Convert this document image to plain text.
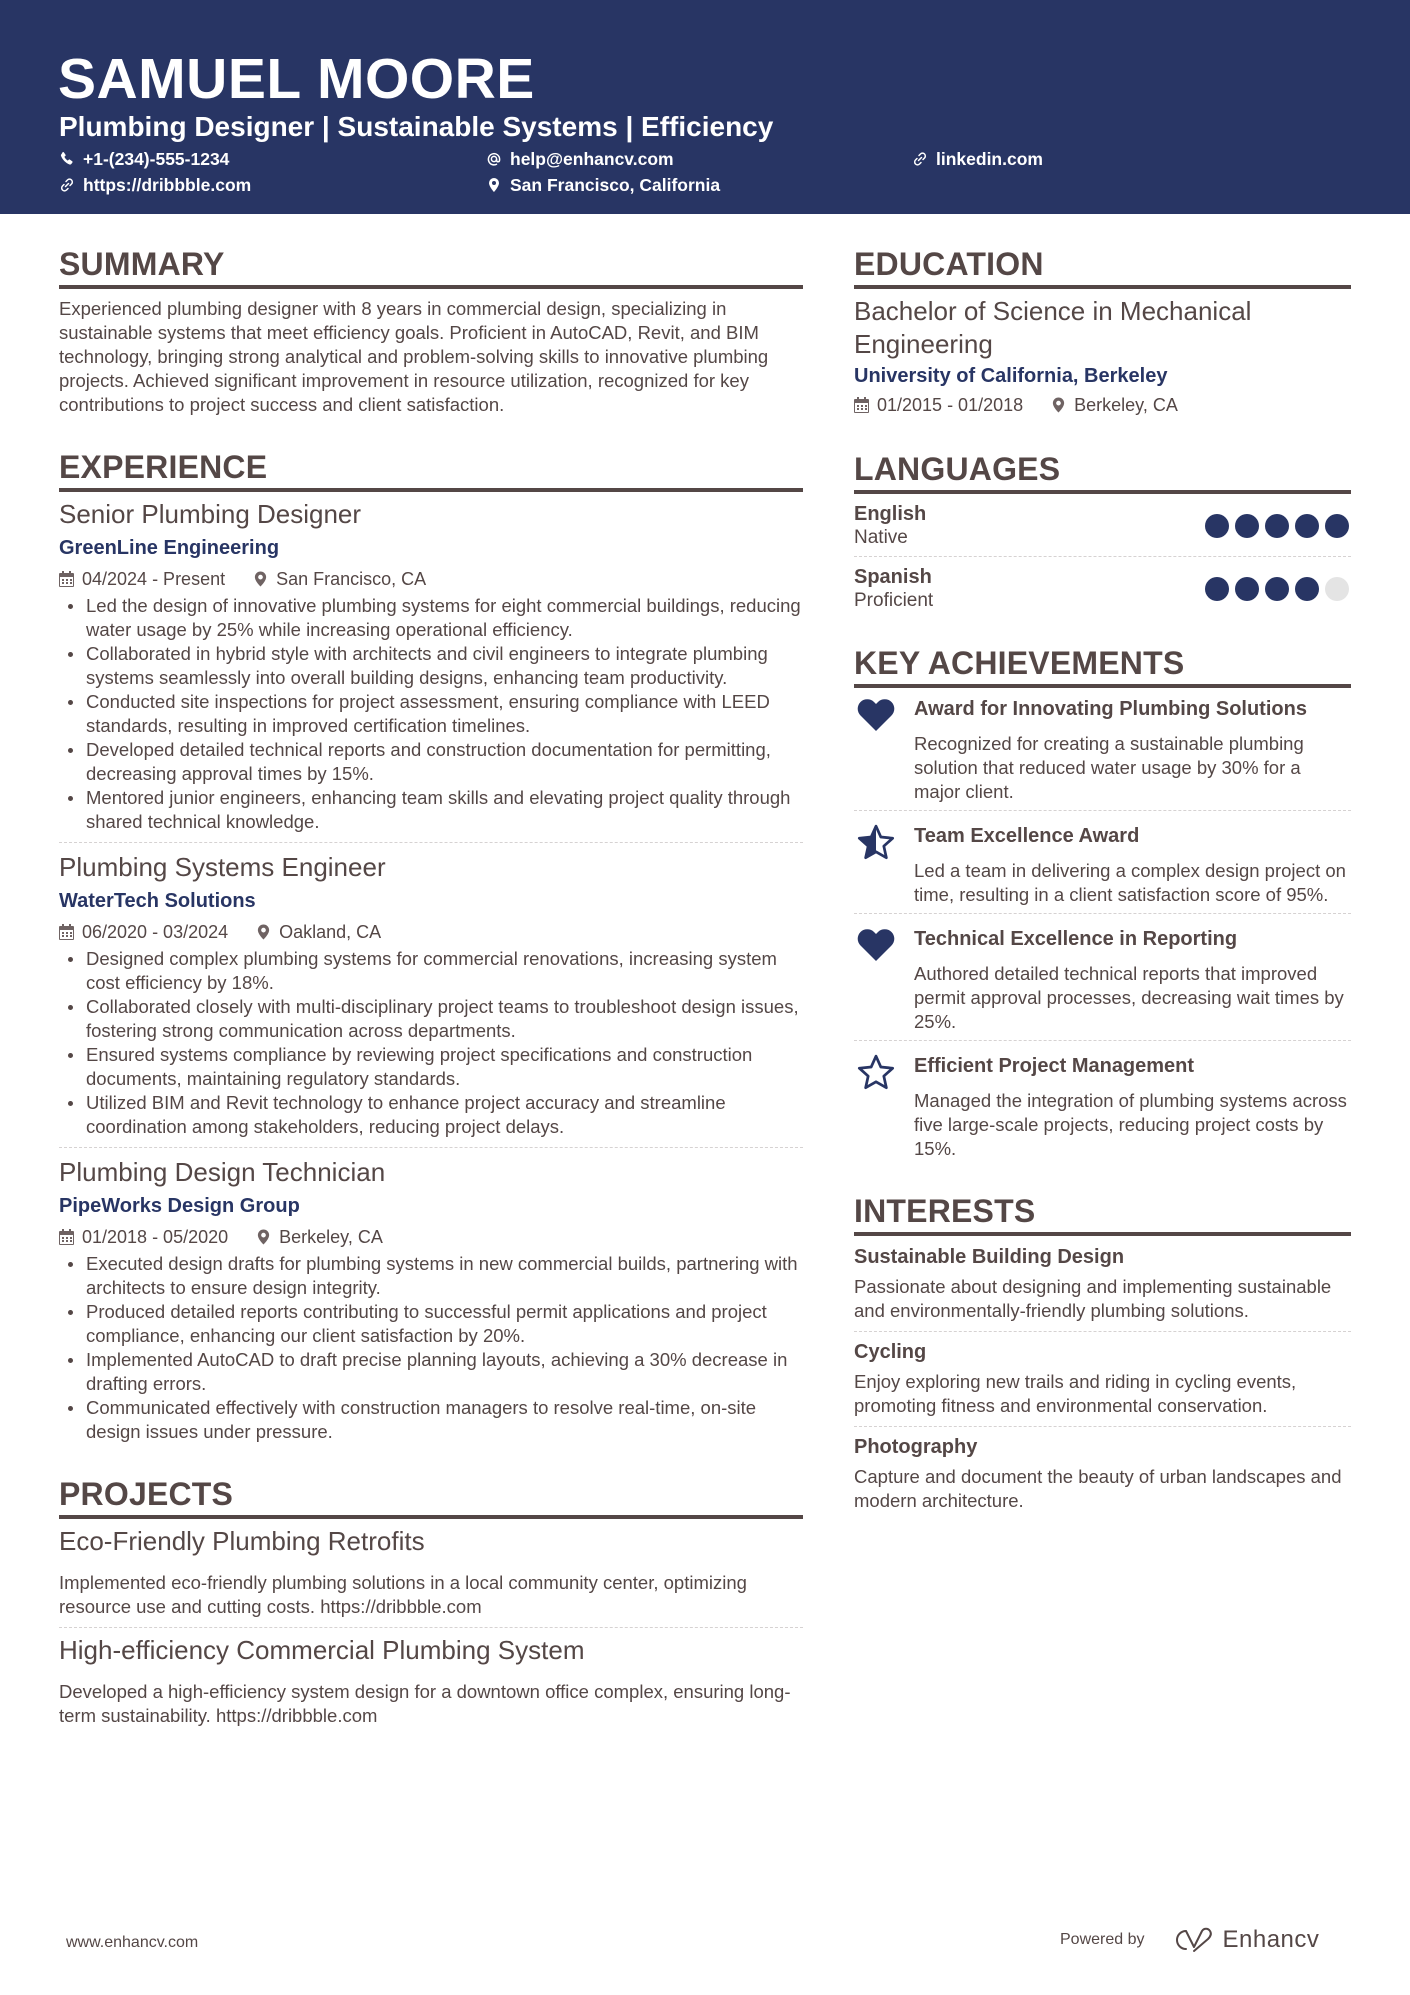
SAMUEL MOORE
Plumbing Designer | Sustainable Systems | Efficiency
+1-(234)-555-1234	help@enhancv.com	linkedin.com
https://dribbble.com	San Francisco, California
SUMMARY
Experienced plumbing designer with 8 years in commercial design, specializing in sustainable systems that meet efficiency goals. Proficient in AutoCAD, Revit, and BIM technology, bringing strong analytical and problem-solving skills to innovative plumbing projects. Achieved significant improvement in resource utilization, recognized for key contributions to project success and client satisfaction.
EXPERIENCE
Senior Plumbing Designer
GreenLine Engineering
04/2024 - Present	San Francisco, CA
Led the design of innovative plumbing systems for eight commercial buildings, reducing water usage by 25% while increasing operational efficiency.
Collaborated in hybrid style with architects and civil engineers to integrate plumbing systems seamlessly into overall building designs, enhancing team productivity.
Conducted site inspections for project assessment, ensuring compliance with LEED standards, resulting in improved certification timelines.
Developed detailed technical reports and construction documentation for permitting, decreasing approval times by 15%.
Mentored junior engineers, enhancing team skills and elevating project quality through shared technical knowledge.
Plumbing Systems Engineer
WaterTech Solutions
06/2020 - 03/2024	Oakland, CA
Designed complex plumbing systems for commercial renovations, increasing system cost efficiency by 18%.
Collaborated closely with multi-disciplinary project teams to troubleshoot design issues, fostering strong communication across departments.
Ensured systems compliance by reviewing project specifications and construction documents, maintaining regulatory standards.
Utilized BIM and Revit technology to enhance project accuracy and streamline coordination among stakeholders, reducing project delays.
Plumbing Design Technician
PipeWorks Design Group
01/2018 - 05/2020	Berkeley, CA
Executed design drafts for plumbing systems in new commercial builds, partnering with architects to ensure design integrity.
Produced detailed reports contributing to successful permit applications and project compliance, enhancing our client satisfaction by 20%.
Implemented AutoCAD to draft precise planning layouts, achieving a 30% decrease in drafting errors.
Communicated effectively with construction managers to resolve real-time, on-site design issues under pressure.
PROJECTS
Eco-Friendly Plumbing Retrofits
Implemented eco-friendly plumbing solutions in a local community center, optimizing resource use and cutting costs. https://dribbble.com
High-efficiency Commercial Plumbing System
Developed a high-efficiency system design for a downtown office complex, ensuring long-term sustainability. https://dribbble.com
EDUCATION
Bachelor of Science in Mechanical Engineering
University of California, Berkeley
01/2015 - 01/2018	Berkeley, CA
LANGUAGES
English
Native
Spanish
Proficient
KEY ACHIEVEMENTS
Award for Innovating Plumbing Solutions
Recognized for creating a sustainable plumbing solution that reduced water usage by 30% for a major client.
Team Excellence Award
Led a team in delivering a complex design project on time, resulting in a client satisfaction score of 95%.
Technical Excellence in Reporting
Authored detailed technical reports that improved permit approval processes, decreasing wait times by 25%.
Efficient Project Management
Managed the integration of plumbing systems across five large-scale projects, reducing project costs by 15%.
INTERESTS
Sustainable Building Design
Passionate about designing and implementing sustainable and environmentally-friendly plumbing solutions.
Cycling
Enjoy exploring new trails and riding in cycling events, promoting fitness and environmental conservation.
Photography
Capture and document the beauty of urban landscapes and modern architecture.
www.enhancv.com	Powered by	Enhancv
